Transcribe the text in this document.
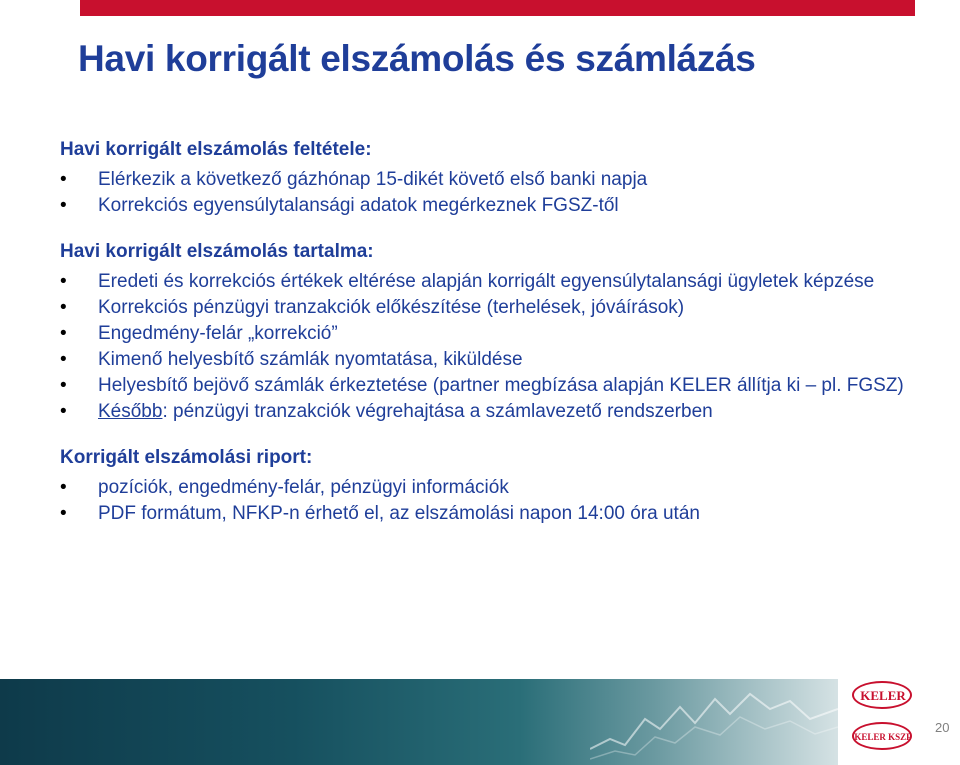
Havi korrigált elszámolás és számlázás
Havi korrigált elszámolás feltétele:
• Elérkezik a következő gázhónap 15-dikét követő első banki napja
• Korrekciós egyensúlytalansági adatok megérkeznek FGSZ-től
Havi korrigált elszámolás tartalma:
• Eredeti és korrekciós értékek eltérése alapján korrigált egyensúlytalansági ügyletek képzése
• Korrekciós pénzügyi tranzakciók előkészítése (terhelések, jóváírások)
• Engedmény-felár „korrekció”
• Kimenő helyesbítő számlák nyomtatása, kiküldése
• Helyesbítő bejövő számlák érkeztetése (partner megbízása alapján KELER állítja ki – pl. FGSZ)
• Később: pénzügyi tranzakciók végrehajtása a számlavezető rendszerben
Korrigált elszámolási riport:
• pozíciók, engedmény-felár, pénzügyi információk
• PDF formátum, NFKP-n érhető el, az elszámolási napon 14:00 óra után
KELER
KELER KSZF
20
